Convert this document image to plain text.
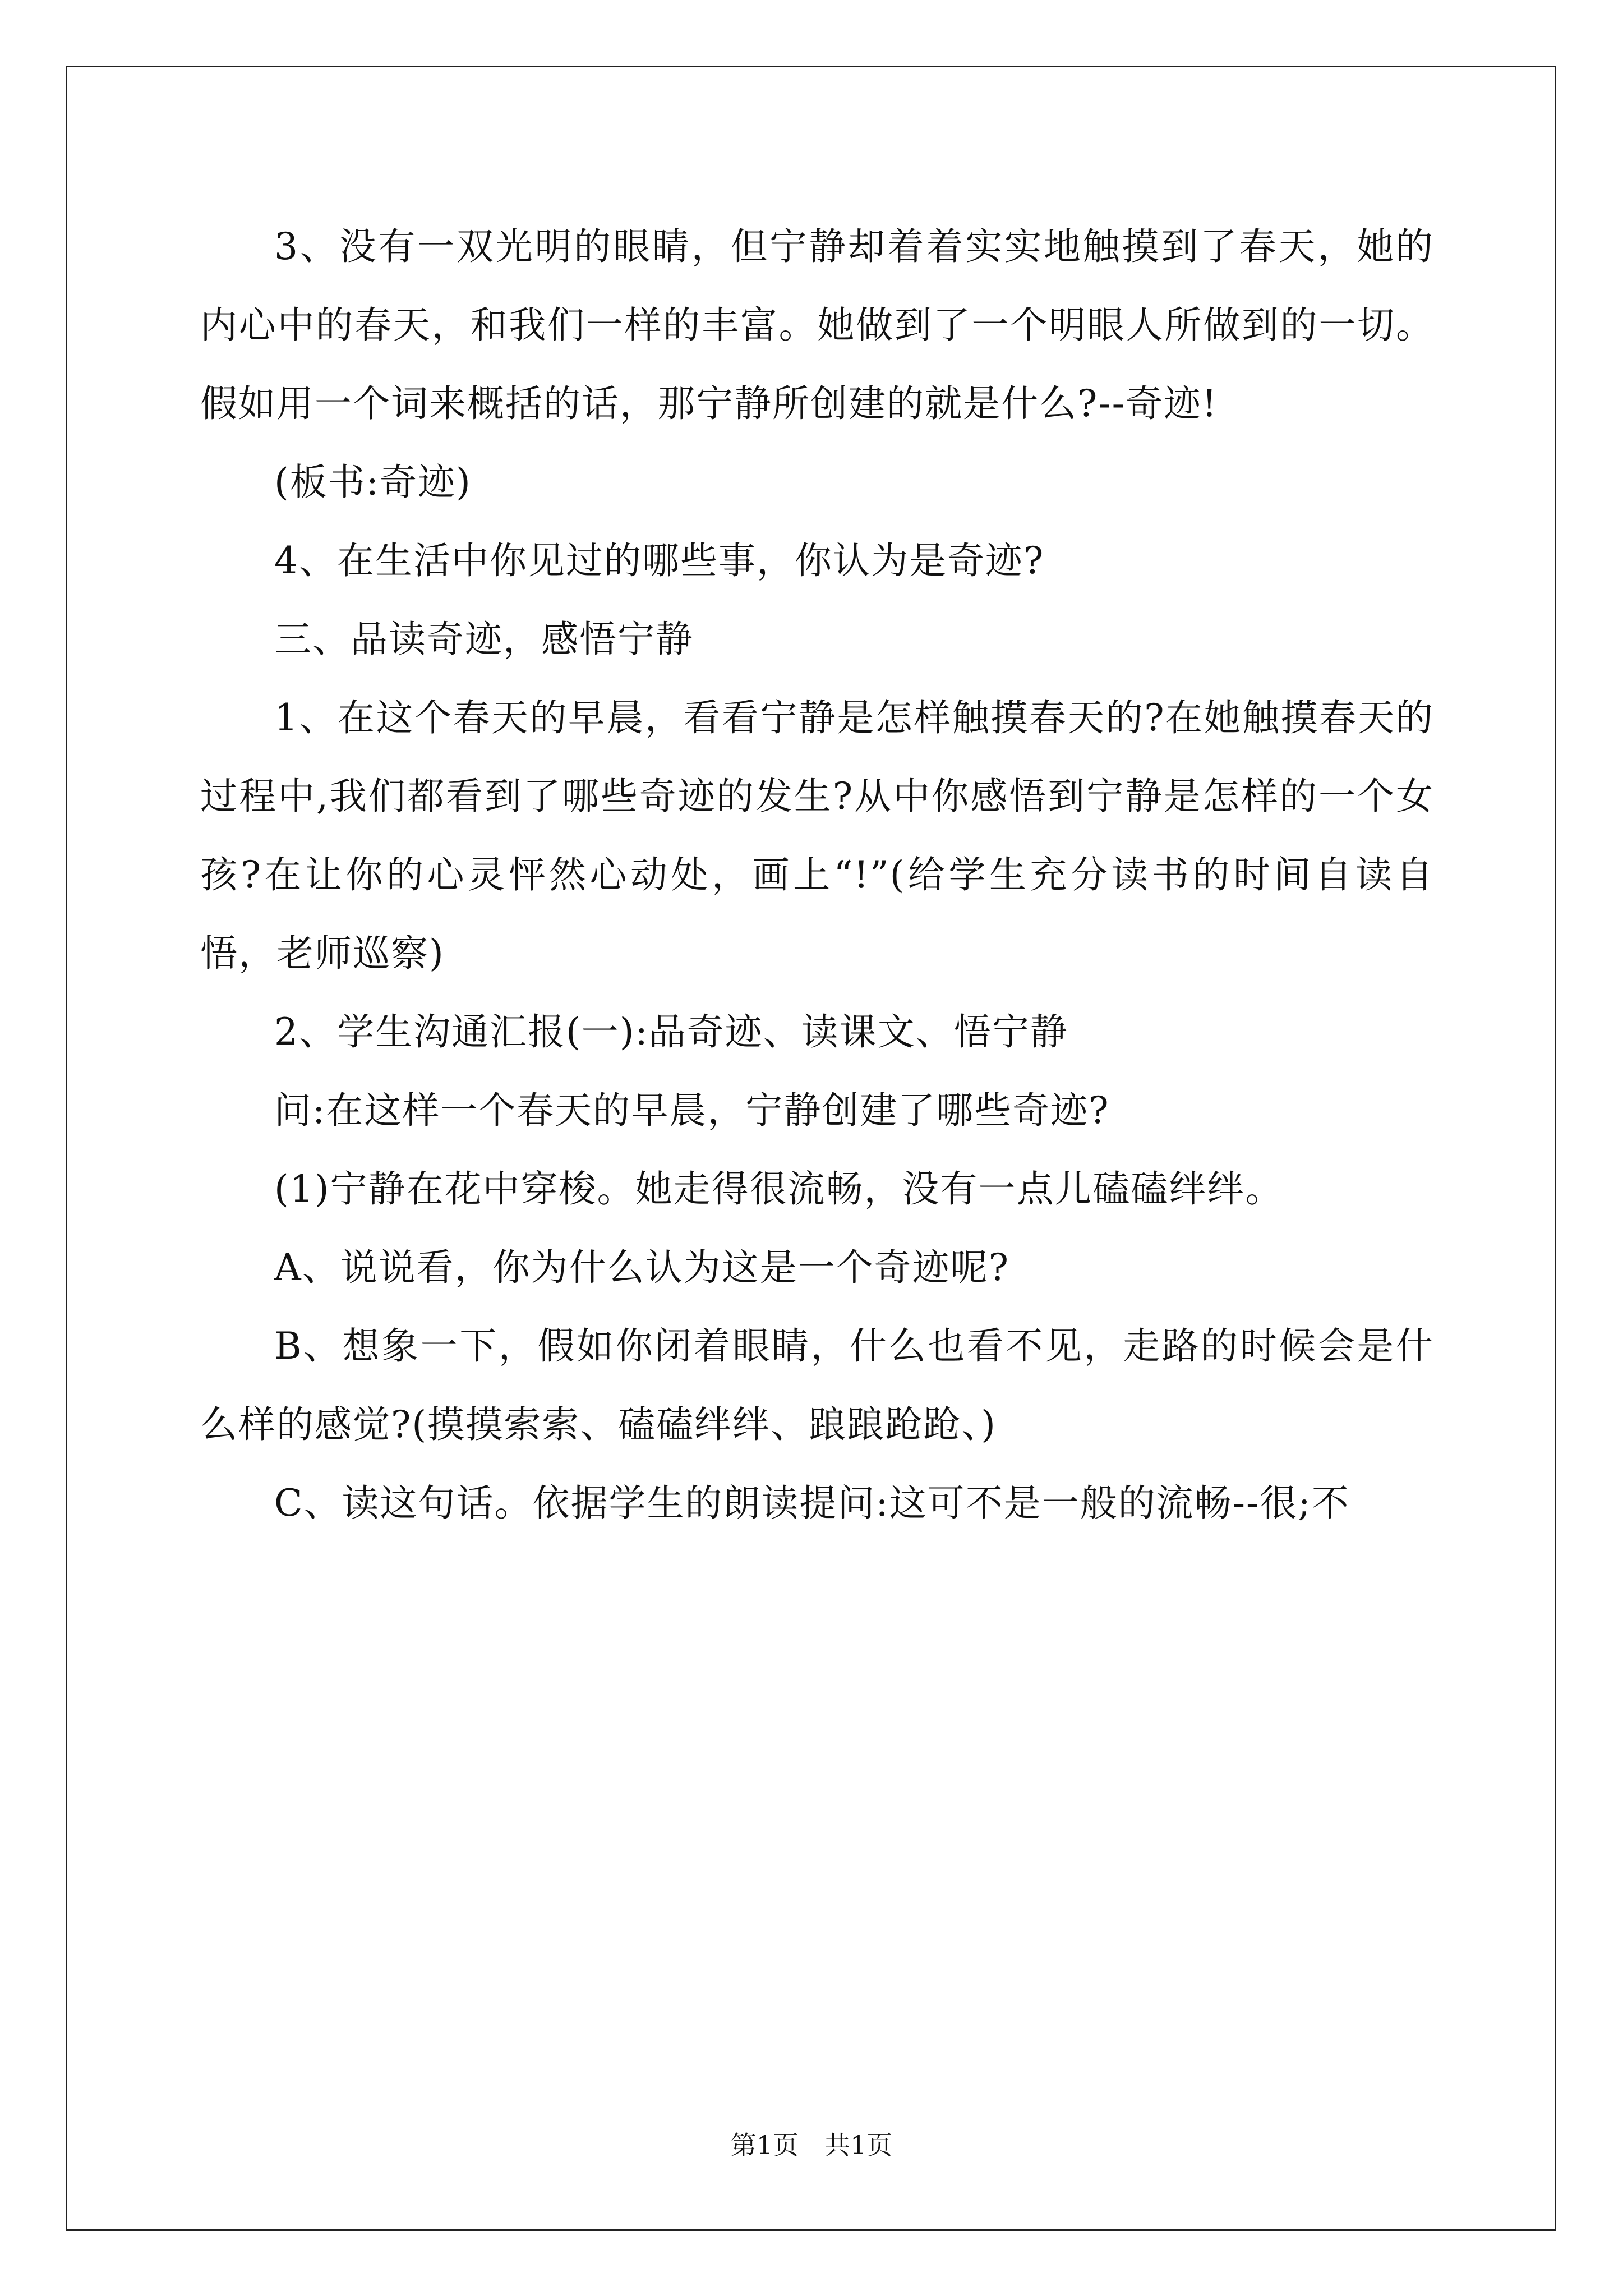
3、没有一双光明的眼睛，但宁静却着着实实地触摸到了春天，她的内心中的春天，和我们一样的丰富。她做到了一个明眼人所做到的一切。假如用一个词来概括的话，那宁静所创建的就是什么?--奇迹!

(板书:奇迹)

4、在生活中你见过的哪些事，你认为是奇迹?

三、品读奇迹，感悟宁静

1、在这个春天的早晨，看看宁静是怎样触摸春天的?在她触摸春天的过程中,我们都看到了哪些奇迹的发生?从中你感悟到宁静是怎样的一个女孩?在让你的心灵怦然心动处，画上“!”(给学生充分读书的时间自读自悟，老师巡察)

2、学生沟通汇报(一):品奇迹、读课文、悟宁静

问:在这样一个春天的早晨，宁静创建了哪些奇迹?

(1)宁静在花中穿梭。她走得很流畅，没有一点儿磕磕绊绊。

A、说说看，你为什么认为这是一个奇迹呢?

B、想象一下，假如你闭着眼睛，什么也看不见，走路的时候会是什么样的感觉?(摸摸索索、磕磕绊绊、踉踉跄跄、)

C、读这句话。依据学生的朗读提问:这可不是一般的流畅--很;不

第1页　共1页
